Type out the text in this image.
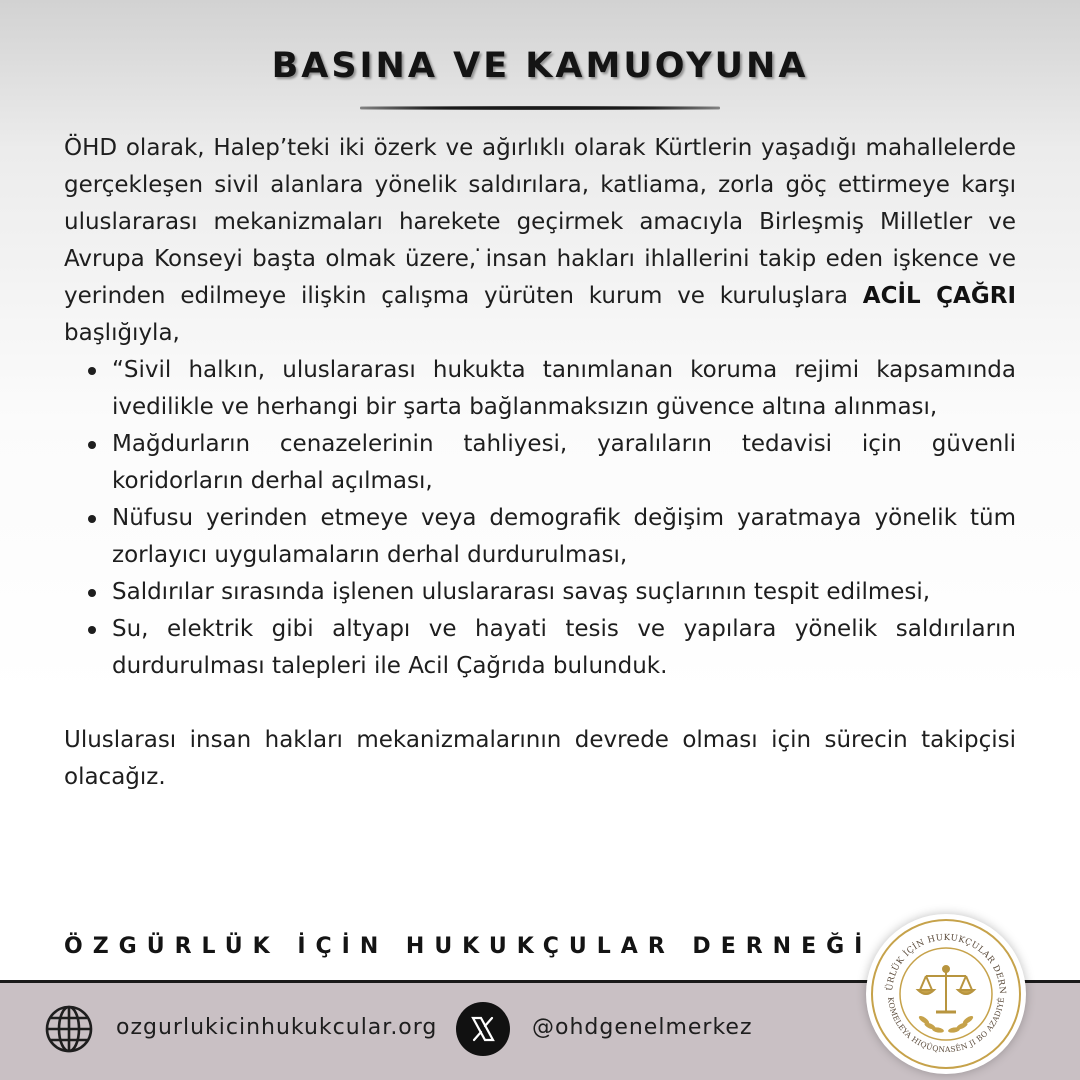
BASINA VE KAMUOYUNA

ÖHD olarak, Halep’teki iki özerk ve ağırlıklı olarak Kürtlerin yaşadığı mahallelerde gerçekleşen sivil alanlara yönelik saldırılara, katliama, zorla göç ettirmeye karşı uluslararası mekanizmaları harekete geçirmek amacıyla Birleşmiş Milletler ve Avrupa Konseyi başta olmak üzere, ̇insan hakları ihlallerini takip eden işkence ve yerinden edilmeye ilişkin çalışma yürüten kurum ve kuruluşlara ACİL ÇAĞRI başlığıyla,

“Sivil halkın, uluslararası hukukta tanımlanan koruma rejimi kapsamında ivedilikle ve herhangi bir şarta bağlanmaksızın güvence altına alınması,
Mağdurların cenazelerinin tahliyesi, yaralıların tedavisi için güvenli koridorların derhal açılması,
Nüfusu yerinden etmeye veya demografik değişim yaratmaya yönelik tüm zorlayıcı uygulamaların derhal durdurulması,
Saldırılar sırasında işlenen uluslararası savaş suçlarının tespit edilmesi,
Su, elektrik gibi altyapı ve hayati tesis ve yapılara yönelik saldırıların durdurulması talepleri ile Acil Çağrıda bulunduk.

Uluslarası insan hakları mekanizmalarının devrede olması için sürecin takipçisi olacağız.

ÖZGÜRLÜK İÇİN HUKUKÇULAR DERNEĞİ
ozgurlukicinhukukcular.org	@ohdgenelmerkez
ÜRLÜK İÇİN HUKUKÇULAR DERN
KOMELEYA HIQÛQNASÊN JI BO AZADIYÊ
